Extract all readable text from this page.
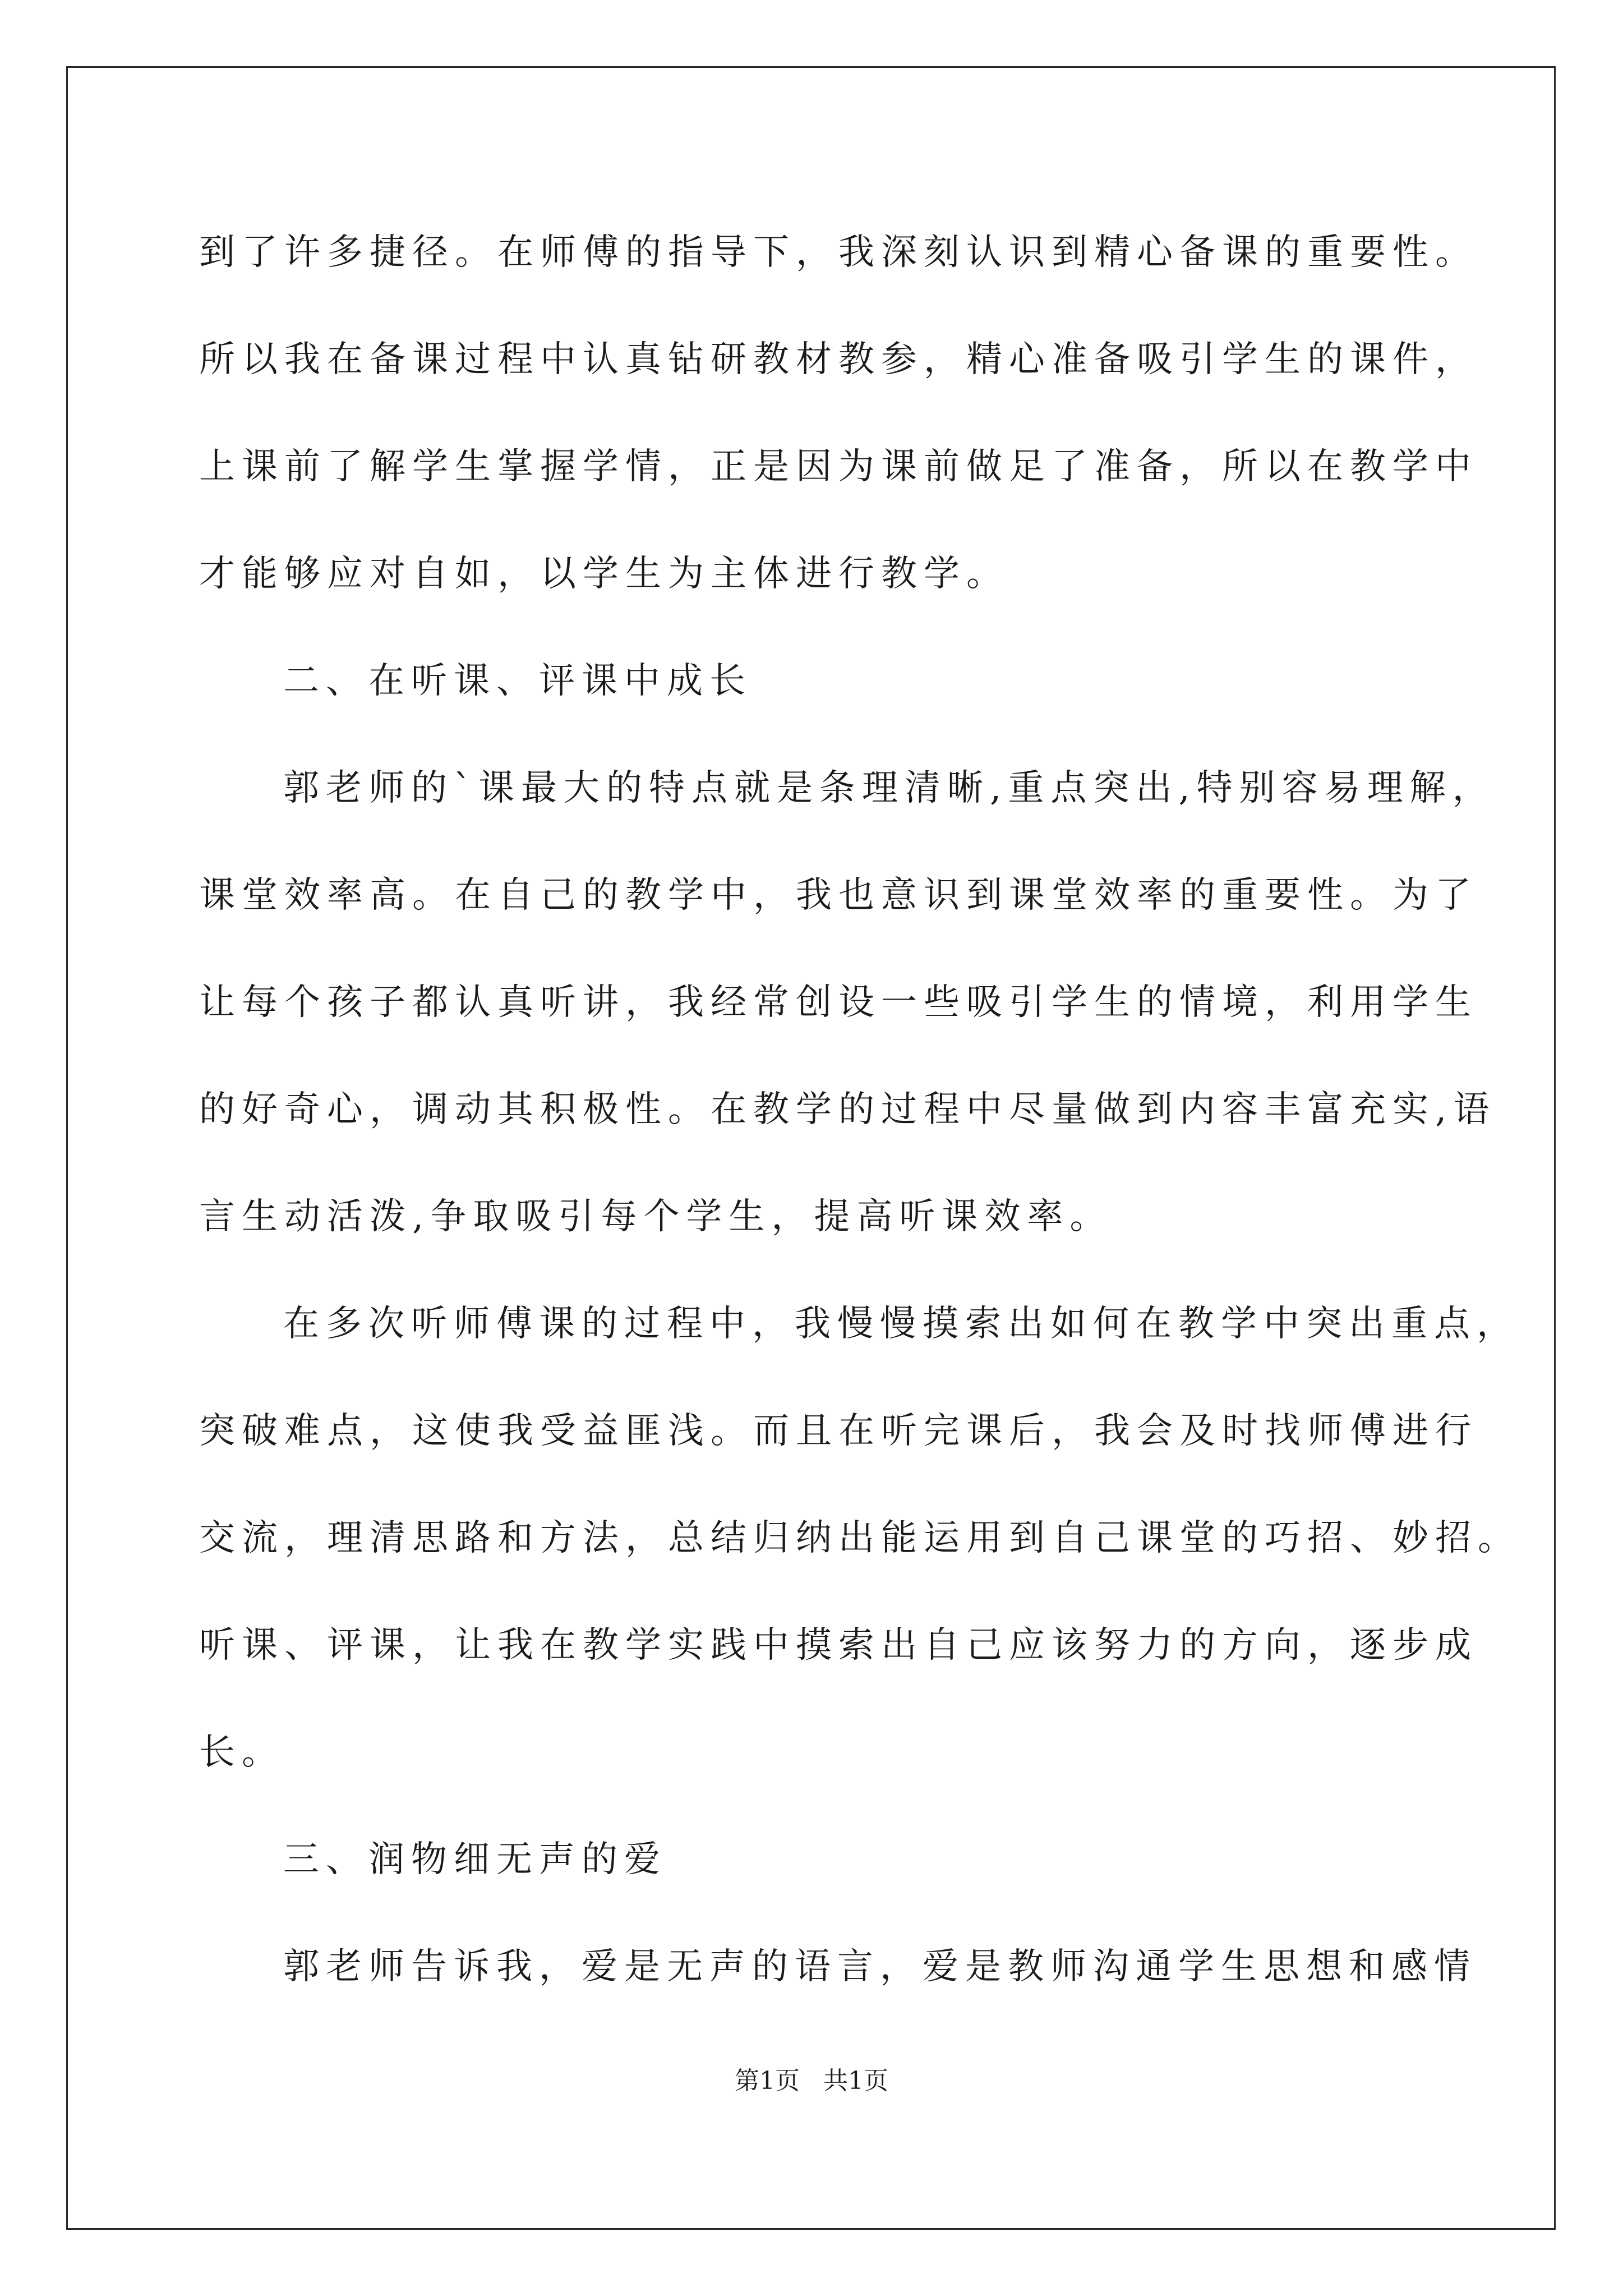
到了许多捷径。在师傅的指导下，我深刻认识到精心备课的重要性。
所以我在备课过程中认真钻研教材教参，精心准备吸引学生的课件，
上课前了解学生掌握学情，正是因为课前做足了准备，所以在教学中
才能够应对自如，以学生为主体进行教学。
二、在听课、评课中成长
郭老师的`课最大的特点就是条理清晰,重点突出,特别容易理解，
课堂效率高。在自己的教学中，我也意识到课堂效率的重要性。为了
让每个孩子都认真听讲，我经常创设一些吸引学生的情境，利用学生
的好奇心，调动其积极性。在教学的过程中尽量做到内容丰富充实,语
言生动活泼,争取吸引每个学生，提高听课效率。
在多次听师傅课的过程中，我慢慢摸索出如何在教学中突出重点，
突破难点，这使我受益匪浅。而且在听完课后，我会及时找师傅进行
交流，理清思路和方法，总结归纳出能运用到自己课堂的巧招、妙招。
听课、评课，让我在教学实践中摸索出自己应该努力的方向，逐步成
长。
三、润物细无声的爱
郭老师告诉我，爱是无声的语言，爱是教师沟通学生思想和感情
第1页 共1页
